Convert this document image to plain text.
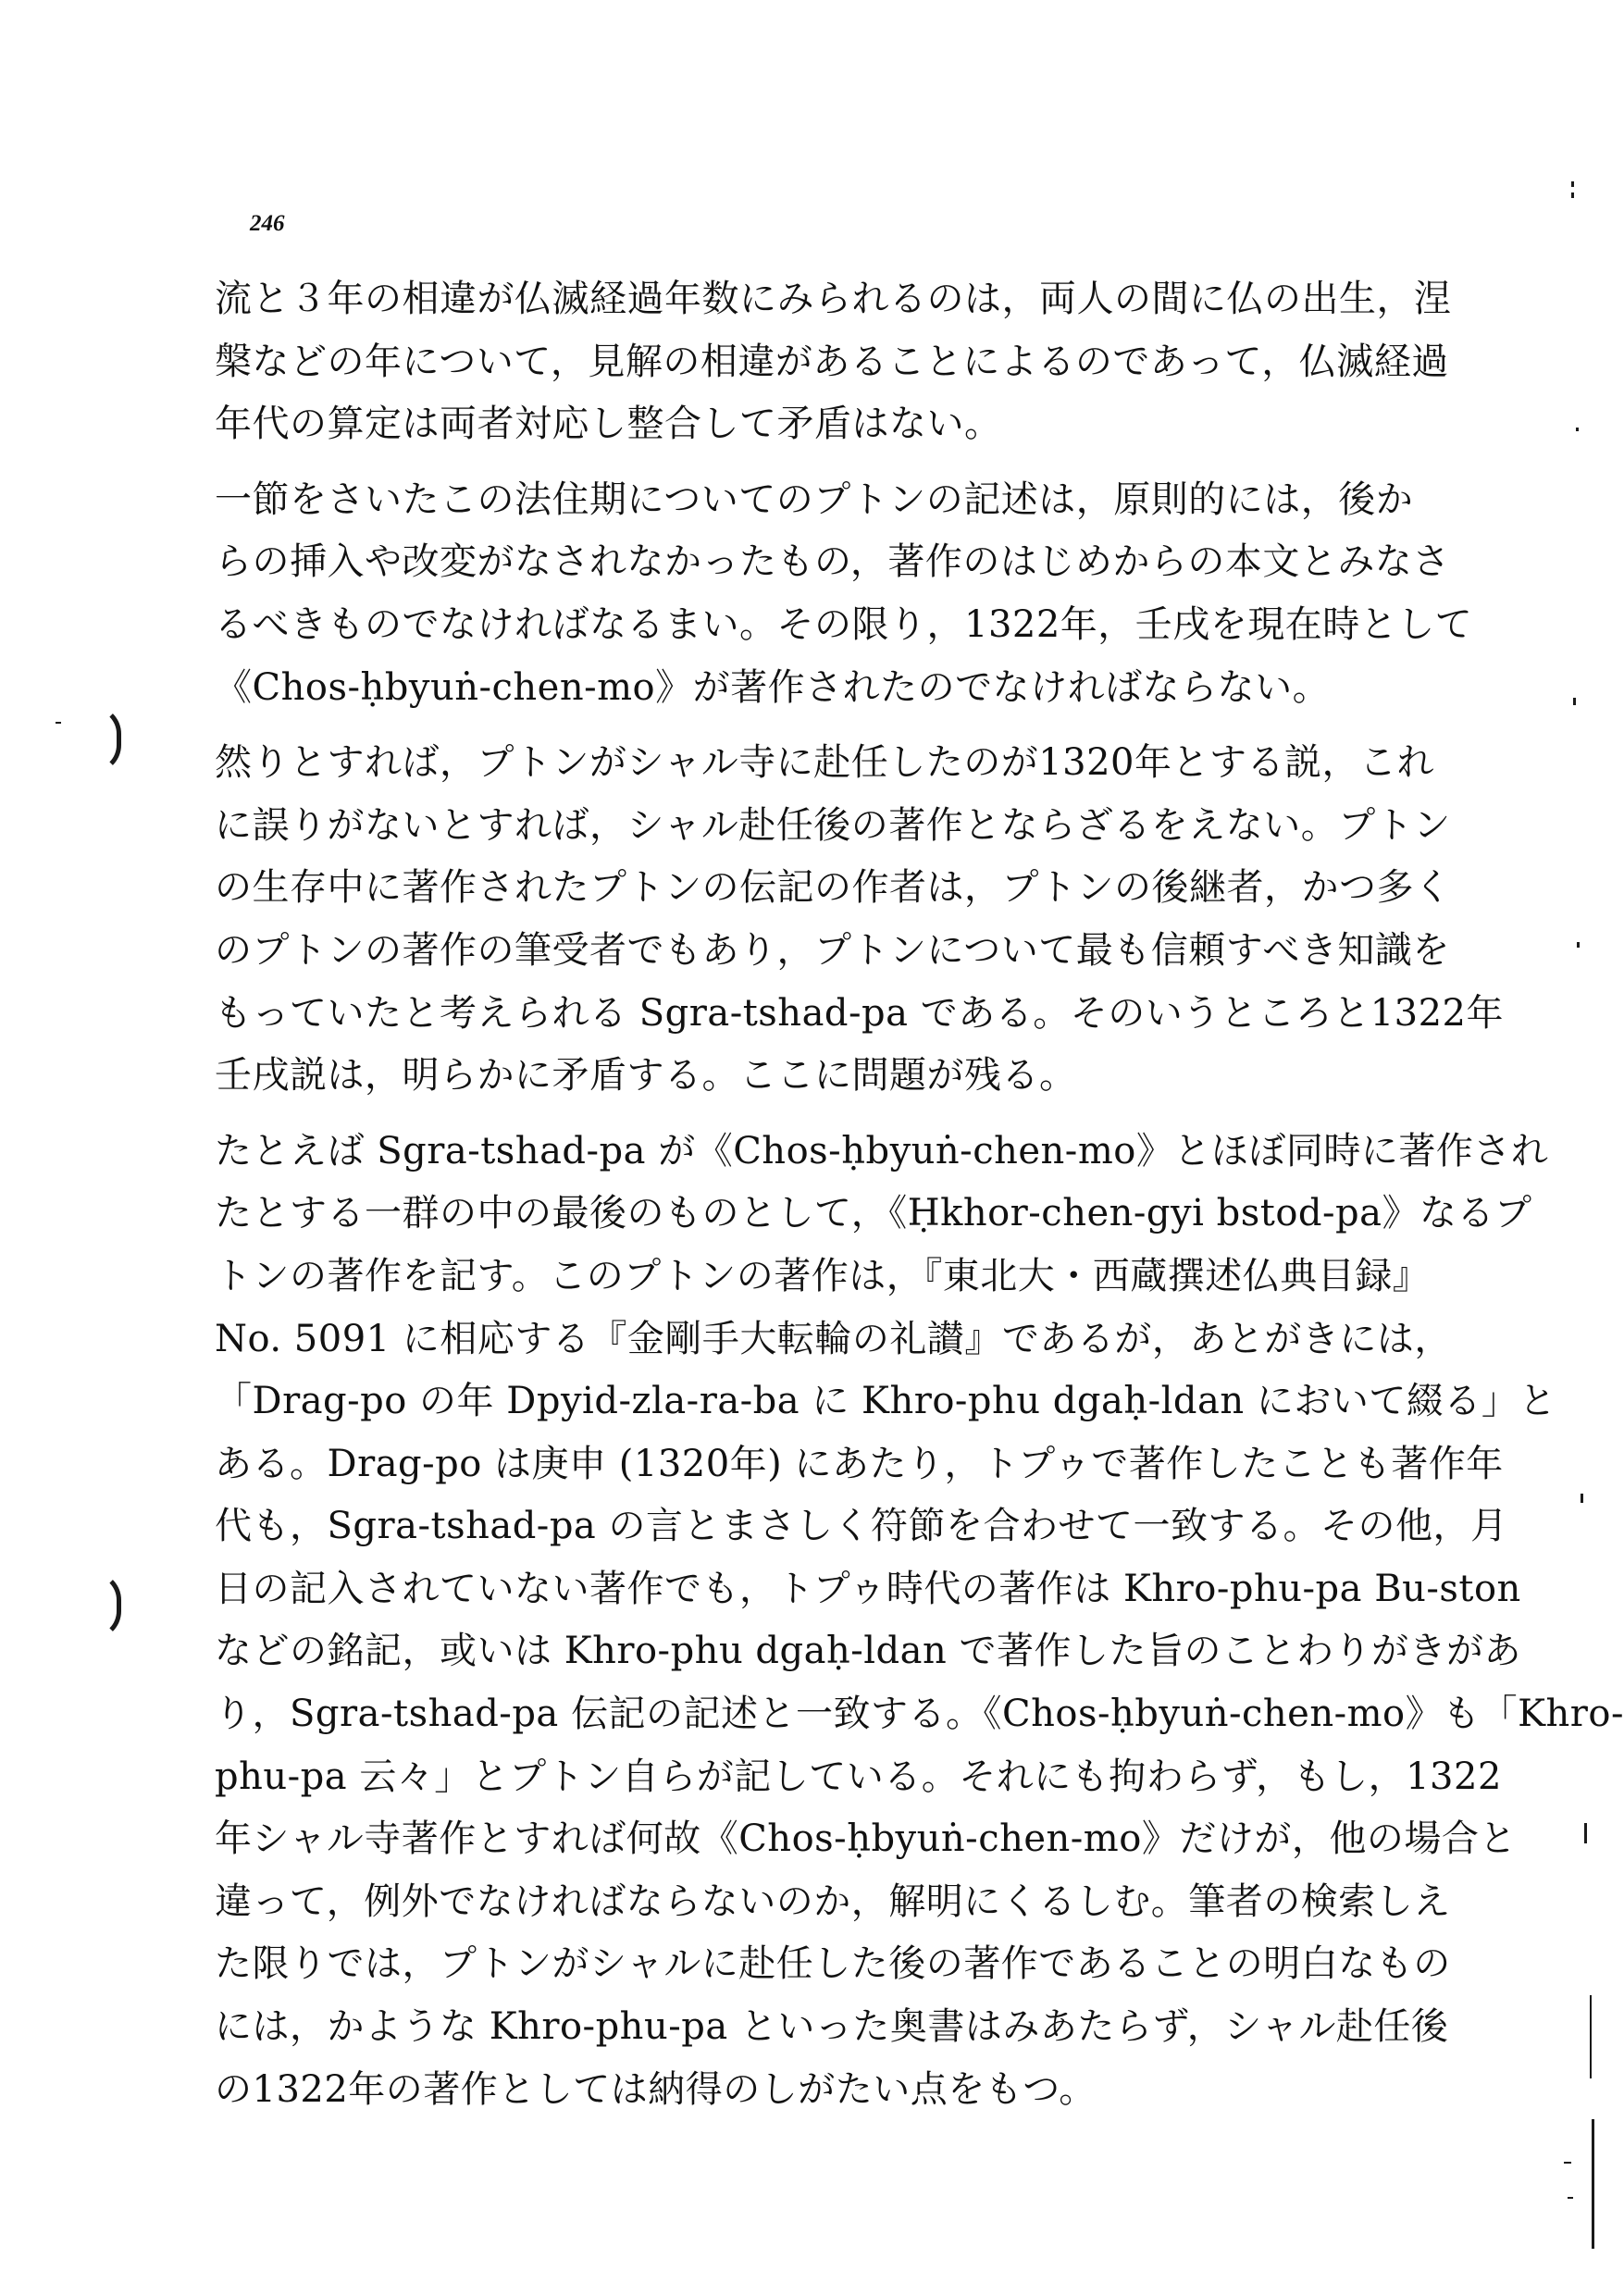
246
流と３年の相違が仏滅経過年数にみられるのは，両人の間に仏の出生，涅
槃などの年について，見解の相違があることによるのであって，仏滅経過
年代の算定は両者対応し整合して矛盾はない。
一節をさいたこの法住期についてのプトンの記述は，原則的には，後か
らの挿入や改変がなされなかったもの，著作のはじめからの本文とみなさ
るべきものでなければなるまい。その限り，1322年，壬戌を現在時として
《Chos-ḥbyuṅ-chen-mo》が著作されたのでなければならない。
然りとすれば，プトンがシャル寺に赴任したのが1320年とする説，これ
に誤りがないとすれば，シャル赴任後の著作とならざるをえない。プトン
の生存中に著作されたプトンの伝記の作者は，プトンの後継者，かつ多く
のプトンの著作の筆受者でもあり，プトンについて最も信頼すべき知識を
もっていたと考えられる Sgra-tshad-pa である。そのいうところと1322年
壬戌説は，明らかに矛盾する。ここに問題が残る。
たとえば Sgra-tshad-pa が《Chos-ḥbyuṅ-chen-mo》とほぼ同時に著作され
たとする一群の中の最後のものとして，《Ḥkhor-chen-gyi bstod-pa》なるプ
トンの著作を記す。このプトンの著作は，『東北大・西蔵撰述仏典目録』
No. 5091 に相応する『金剛手大転輪の礼讃』であるが，あとがきには，
「Drag-po の年 Dpyid-zla-ra-ba に Khro-phu dgaḥ-ldan において綴る」と
ある。Drag-po は庚申 (1320年) にあたり，トプゥで著作したことも著作年
代も，Sgra-tshad-pa の言とまさしく符節を合わせて一致する。その他，月
日の記入されていない著作でも，トプゥ時代の著作は Khro-phu-pa Bu-ston
などの銘記，或いは Khro-phu dgaḥ-ldan で著作した旨のことわりがきがあ
り，Sgra-tshad-pa 伝記の記述と一致する。《Chos-ḥbyuṅ-chen-mo》も「Khro-
phu-pa 云々」とプトン自らが記している。それにも拘わらず，もし，1322
年シャル寺著作とすれば何故《Chos-ḥbyuṅ-chen-mo》だけが，他の場合と
違って，例外でなければならないのか，解明にくるしむ。筆者の検索しえ
た限りでは，プトンがシャルに赴任した後の著作であることの明白なもの
には，かような Khro-phu-pa といった奥書はみあたらず，シャル赴任後
の1322年の著作としては納得のしがたい点をもつ。
